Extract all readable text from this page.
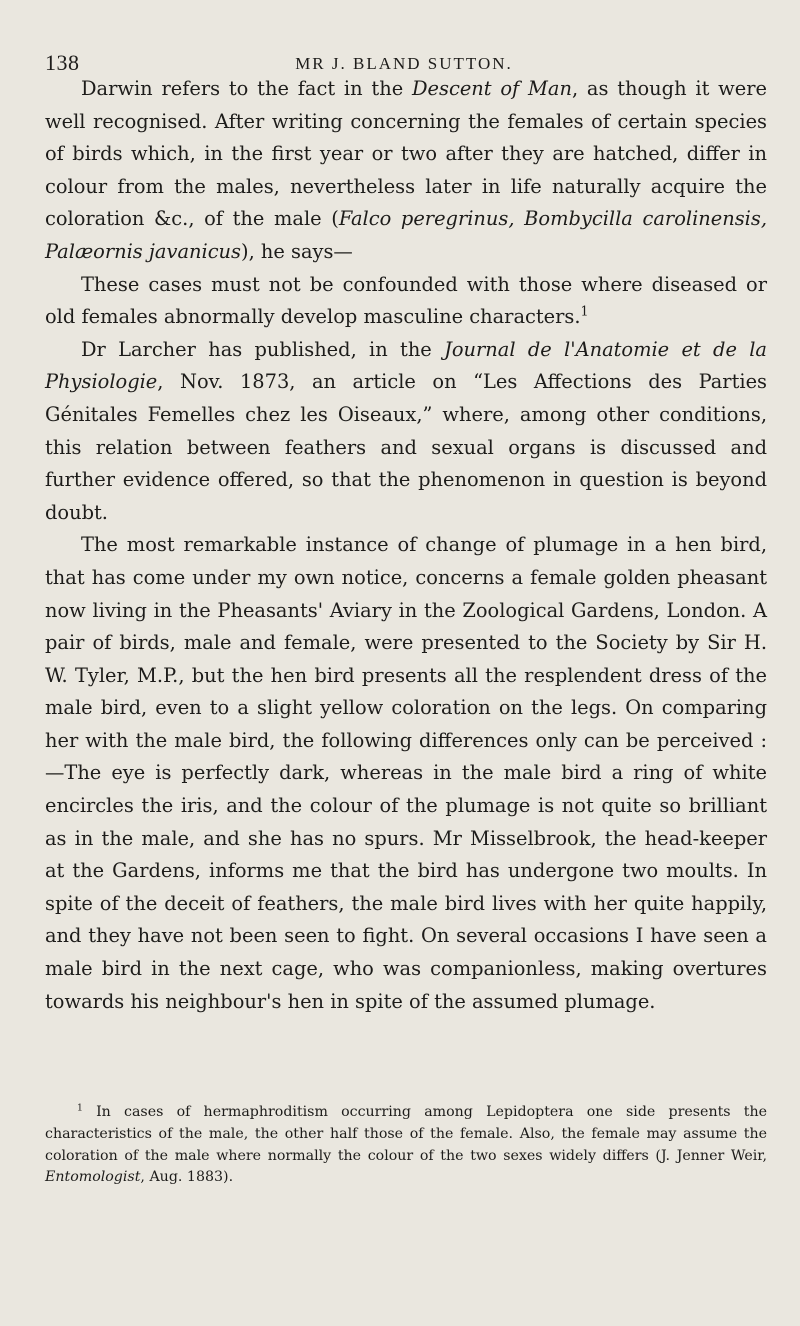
138	MR J. BLAND SUTTON.

Darwin refers to the fact in the Descent of Man, as though it were well recognised. After writing concerning the females of certain species of birds which, in the first year or two after they are hatched, differ in colour from the males, nevertheless later in life naturally acquire the coloration &c., of the male (Falco peregrinus, Bombycilla carolinensis, Palæornis javanicus), he says—

These cases must not be confounded with those where diseased or old females abnormally develop masculine characters.$^1$

Dr Larcher has published, in the Journal de l'Anatomie et de la Physiologie, Nov. 1873, an article on “Les Affections des Parties Génitales Femelles chez les Oiseaux,” where, among other conditions, this relation between feathers and sexual organs is discussed and further evidence offered, so that the phenomenon in question is beyond doubt.

The most remarkable instance of change of plumage in a hen bird, that has come under my own notice, concerns a female golden pheasant now living in the Pheasants' Aviary in the Zoological Gardens, London. A pair of birds, male and female, were presented to the Society by Sir H. W. Tyler, M.P., but the hen bird presents all the resplendent dress of the male bird, even to a slight yellow coloration on the legs. On comparing her with the male bird, the following differences only can be perceived :—The eye is perfectly dark, whereas in the male bird a ring of white encircles the iris, and the colour of the plumage is not quite so brilliant as in the male, and she has no spurs. Mr Misselbrook, the head-keeper at the Gardens, informs me that the bird has undergone two moults. In spite of the deceit of feathers, the male bird lives with her quite happily, and they have not been seen to fight. On several occasions I have seen a male bird in the next cage, who was companionless, making overtures towards his neighbour's hen in spite of the assumed plumage.

$^1$ In cases of hermaphroditism occurring among Lepidoptera one side presents the characteristics of the male, the other half those of the female. Also, the female may assume the coloration of the male where normally the colour of the two sexes widely differs (J. Jenner Weir, Entomologist, Aug. 1883).
